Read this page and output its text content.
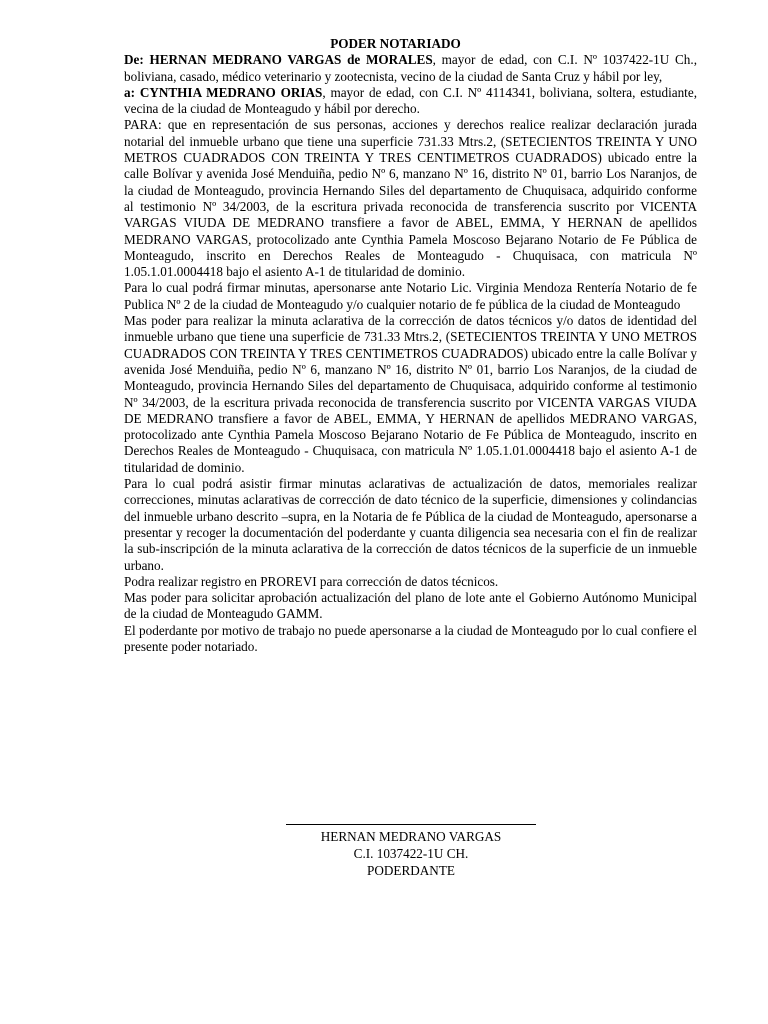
PODER NOTARIADO

De: HERNAN MEDRANO VARGAS de MORALES, mayor de edad, con C.I. Nº 1037422-1U Ch., boliviana, casado, médico veterinario y zootecnista, vecino de la ciudad de Santa Cruz y hábil por ley,

a: CYNTHIA MEDRANO ORIAS, mayor de edad, con C.I. Nº 4114341, boliviana, soltera, estudiante, vecina de la ciudad de Monteagudo y hábil por derecho.

PARA: que en representación de sus personas, acciones y derechos realice realizar declaración jurada notarial del inmueble urbano que tiene una superficie 731.33 Mtrs.2, (SETECIENTOS TREINTA Y UNO METROS CUADRADOS CON TREINTA Y TRES CENTIMETROS CUADRADOS) ubicado entre la calle Bolívar y avenida José Menduiña, pedio Nº 6, manzano Nº 16, distrito Nº 01, barrio Los Naranjos, de la ciudad de Monteagudo, provincia Hernando Siles del departamento de Chuquisaca, adquirido conforme al testimonio Nº 34/2003, de la escritura privada reconocida de transferencia suscrito por VICENTA VARGAS VIUDA DE MEDRANO transfiere a favor de ABEL, EMMA, Y HERNAN de apellidos MEDRANO VARGAS, protocolizado ante Cynthia Pamela Moscoso Bejarano Notario de Fe Pública de Monteagudo, inscrito en Derechos Reales de Monteagudo - Chuquisaca, con matricula Nº 1.05.1.01.0004418 bajo el asiento A-1 de titularidad de dominio.

Para lo cual podrá firmar minutas, apersonarse ante Notario Lic. Virginia Mendoza Rentería Notario de fe Publica Nº 2 de la ciudad de Monteagudo y/o cualquier notario de fe pública de la ciudad de Monteagudo

Mas poder para realizar la minuta aclarativa de la corrección de datos técnicos y/o datos de identidad del inmueble urbano que tiene una superficie de 731.33 Mtrs.2, (SETECIENTOS TREINTA Y UNO METROS CUADRADOS CON TREINTA Y TRES CENTIMETROS CUADRADOS) ubicado entre la calle Bolívar y avenida José Menduiña, pedio Nº 6, manzano Nº 16, distrito Nº 01, barrio Los Naranjos, de la ciudad de Monteagudo, provincia Hernando Siles del departamento de Chuquisaca, adquirido conforme al testimonio Nº 34/2003, de la escritura privada reconocida de transferencia suscrito por VICENTA VARGAS VIUDA DE MEDRANO transfiere a favor de ABEL, EMMA, Y HERNAN de apellidos MEDRANO VARGAS, protocolizado ante Cynthia Pamela Moscoso Bejarano Notario de Fe Pública de Monteagudo, inscrito en Derechos Reales de Monteagudo - Chuquisaca, con matricula Nº 1.05.1.01.0004418 bajo el asiento A-1 de titularidad de dominio.

Para lo cual podrá asistir firmar minutas aclarativas de actualización de datos, memoriales realizar correcciones, minutas aclarativas de corrección de dato técnico de la superficie, dimensiones y colindancias del inmueble urbano descrito –supra, en la Notaria de fe Pública de la ciudad de Monteagudo, apersonarse a presentar y recoger la documentación del poderdante y cuanta diligencia sea necesaria con el fin de realizar la sub-inscripción de la minuta aclarativa de la corrección de datos técnicos de la superficie de un inmueble urbano.

Podra realizar registro en PROREVI para corrección de datos técnicos.

Mas poder para solicitar aprobación actualización del plano de lote ante el Gobierno Autónomo Municipal de la ciudad de Monteagudo GAMM.

El poderdante por motivo de trabajo no puede apersonarse a la ciudad de Monteagudo por lo cual confiere el presente poder notariado.

HERNAN MEDRANO VARGAS
C.I. 1037422-1U CH.
PODERDANTE
